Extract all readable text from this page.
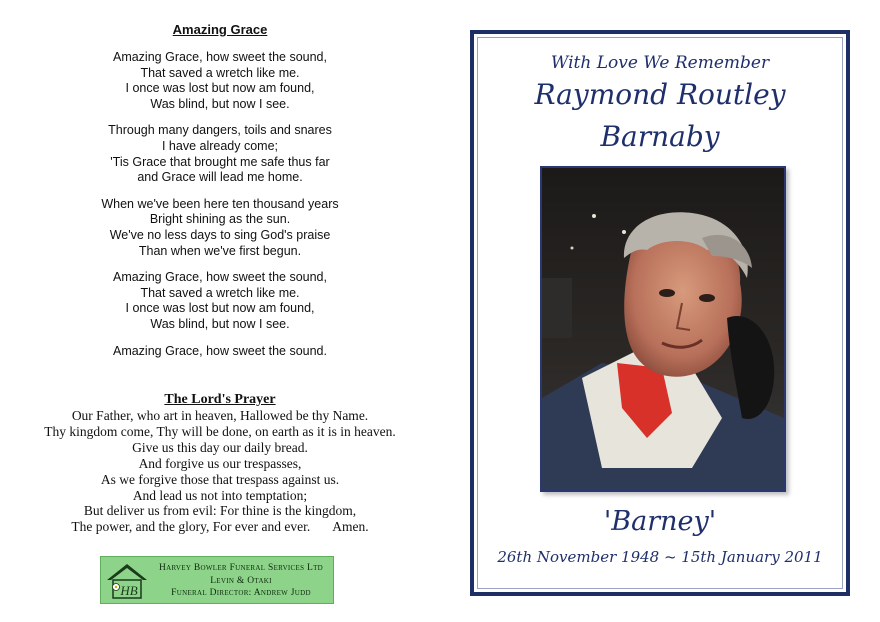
Amazing Grace
Amazing Grace, how sweet the sound,
That saved a wretch like me.
I once was lost but now am found,
Was blind, but now I see.
Through many dangers, toils and snares
I have already come;
'Tis Grace that brought me safe thus far
and Grace will lead me home.
When we've been here ten thousand years
Bright shining as the sun.
We've no less days to sing God's praise
Than when we've first begun.
Amazing Grace, how sweet the sound,
That saved a wretch like me.
I once was lost but now am found,
Was blind, but now I see.
Amazing Grace, how sweet the sound.
The Lord's Prayer
Our Father, who art in heaven, Hallowed be thy Name.
Thy kingdom come, Thy will be done, on earth as it is in heaven.
Give us this day our daily bread.
And forgive us our trespasses,
As we forgive those that trespass against us.
And lead us not into temptation;
But deliver us from evil: For thine is the kingdom,
The power, and the glory, For ever and ever. Amen.
HB
Harvey Bowler Funeral Services Ltd
Levin & Otaki
Funeral Director: Andrew Judd
With Love We Remember
Raymond Routley
Barnaby
'Barney'
26th November 1948 ~ 15th January 2011
